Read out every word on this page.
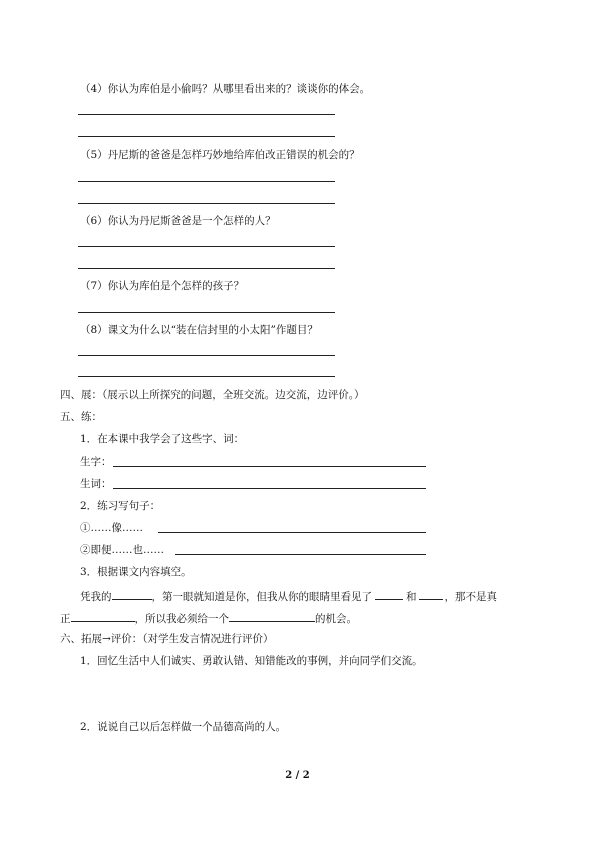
（4）你认为库伯是小偷吗？从哪里看出来的？谈谈你的体会。
（5）丹尼斯的爸爸是怎样巧妙地给库伯改正错误的机会的？
（6）你认为丹尼斯爸爸是一个怎样的人？
（7）你认为库伯是个怎样的孩子？
（8）课文为什么以“装在信封里的小太阳”作题目？
四、展：（展示以上所探究的问题，全班交流。边交流，边评价。）
五、练：
1．在本课中我学会了这些字、词：
生字：
生词：
2．练习写句子：
①……像……
②即便……也……
3．根据课文内容填空。
凭我的	，第一眼就知道是你，但我从你的眼睛里看见了	和	，那不是真
正	，所以我必须给一个	的机会。
六、拓展→评价：（对学生发言情况进行评价）
1．回忆生活中人们诚实、勇敢认错、知错能改的事例，并向同学们交流。
2．说说自己以后怎样做一个品德高尚的人。
2 / 2
